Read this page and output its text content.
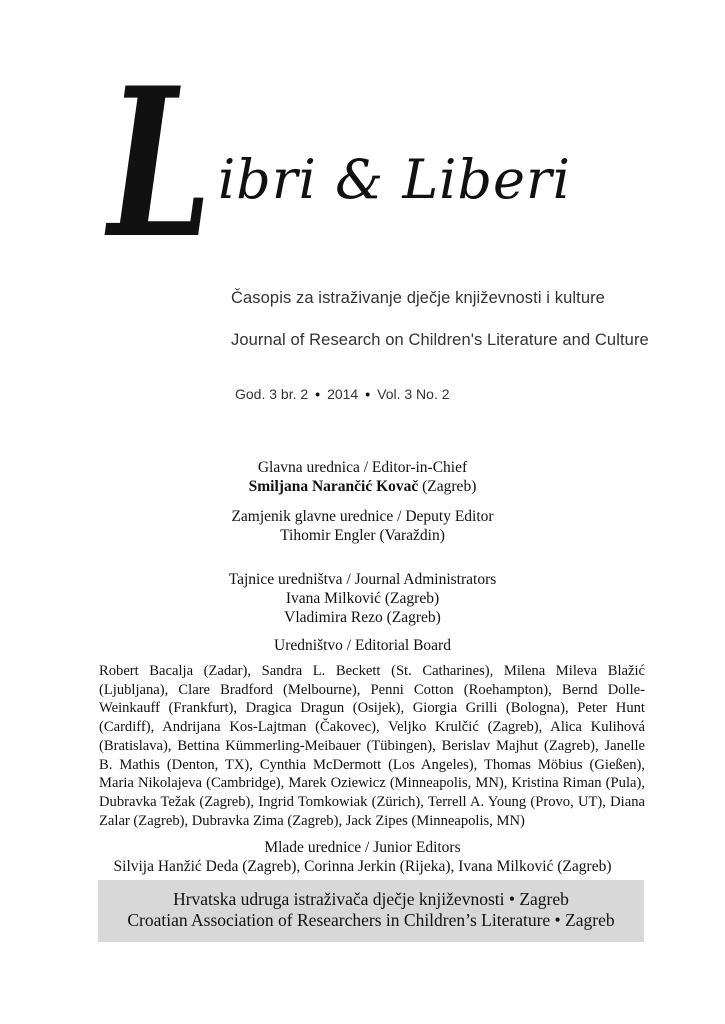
L ibri & Liberi
Časopis za istraživanje dječje književnosti i kulture
Journal of Research on Children's Literature and Culture
God. 3 br. 2 • 2014 • Vol. 3 No. 2
Glavna urednica / Editor-in-Chief
Smiljana Narančić Kovač (Zagreb)
Zamjenik glavne urednice / Deputy Editor
Tihomir Engler (Varaždin)
Tajnice uredništva / Journal Administrators
Ivana Milković (Zagreb)
Vladimira Rezo (Zagreb)
Uredništvo / Editorial Board
Robert Bacalja (Zadar), Sandra L. Beckett (St. Catharines), Milena Mileva Blažić (Ljubljana), Clare Bradford (Melbourne), Penni Cotton (Roehampton), Bernd Dolle-Weinkauff (Frankfurt), Dragica Dragun (Osijek), Giorgia Grilli (Bologna), Peter Hunt (Cardiff), Andrijana Kos-Lajtman (Čakovec), Veljko Krulčić (Zagreb), Alica Kulihová (Bratislava), Bettina Kümmerling-Meibauer (Tübingen), Berislav Majhut (Zagreb), Janelle B. Mathis (Denton, TX), Cynthia McDermott (Los Angeles), Thomas Möbius (Gießen), Maria Nikolajeva (Cambridge), Marek Oziewicz (Minneapolis, MN), Kristina Riman (Pula), Dubravka Težak (Zagreb), Ingrid Tomkowiak (Zürich), Terrell A. Young (Provo, UT), Diana Zalar (Zagreb), Dubravka Zima (Zagreb), Jack Zipes (Minneapolis, MN)
Mlade urednice / Junior Editors
Silvija Hanžić Deda (Zagreb), Corinna Jerkin (Rijeka), Ivana Milković (Zagreb)
Hrvatska udruga istraživača dječje književnosti • Zagreb
Croatian Association of Researchers in Children’s Literature • Zagreb
